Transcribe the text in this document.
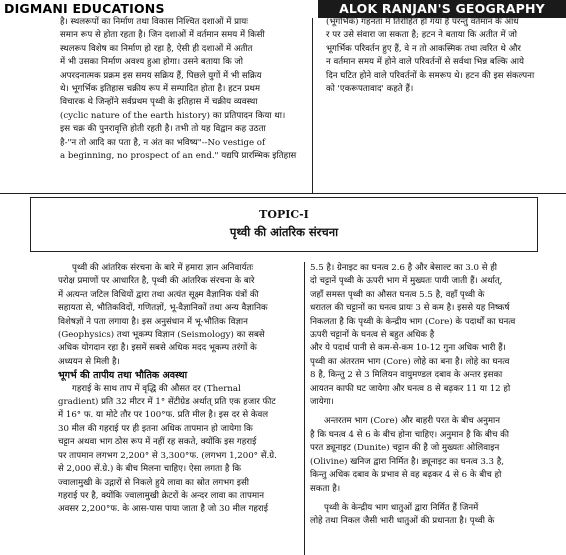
DIGMANI EDUCATIONS	ALOK RANJAN'S GEOGRAPHY
है। स्थलरूपों का निर्माण तथा विकास निश्चित दशाओं में प्रायः
समान रूप से होता रहता है। जिन दशाओं में वर्तमान समय में किसी
स्थलरूप विशेष का निर्माण हो रहा है, ऐसी ही दशाओं में अतीत
में भी उसका निर्माण अवश्य हुआ होगा। उसने बताया कि जो
अपरदनात्मक प्रक्रम इस समय सक्रिय हैं, पिछले युगों में भी सक्रिय
थे। भूगर्भिक इतिहास चक्रीय रूप में सम्पादित होता है। हटन प्रथम
विचारक थे जिन्होंने सर्वप्रथम पृथ्वी के इतिहास में चक्रीय व्यवस्था
(cyclic nature of the earth history) का प्रतिपादन किया था।
इस चक्र की पुनरावृत्ति होती रहती है। तभी तो यह विद्वान कह उठता
है-"न तो आदि का पता है, न अंत का भविष्य"--No vestige of
a beginning, no prospect of an end." यद्यपि प्रारम्भिक इतिहास
(भूगर्भिक) गहनता में तिरोहित हो गया है परन्तु वर्तमान के आध
र पर उसे संवारा जा सकता है; हटन ने बताया कि अतीत में जो
भूगर्भिक परिवर्तन हुए हैं, वे न तो आकस्मिक तथा त्वरित थे और
न वर्तमान समय में होने वाले परिवर्तनों से सर्वथा भिन्न बल्कि आये
दिन घटित होने वाले परिवर्तनों के समरूप थे। हटन की इस संकल्पना
को 'एकरूपतावाद' कहते हैं।
TOPIC-I
पृथ्वी की आंतरिक संरचना
पृथ्वी की आंतरिक संरचना के बारे में हमारा ज्ञान अनिवार्यतः
परोक्ष प्रमाणों पर आधारित है, पृथ्वी की आंतरिक संरचना के बारे
में अत्यन्त जटिल विधियों द्वारा तथा अत्यंत सूक्ष्म वैज्ञानिक यंत्रों की
सहायता से, भौतिकविदों, गणितज्ञों, भू-वैज्ञानिकों तथा अन्य वैज्ञानिक
विशेषज्ञों ने पता लगाया है। इस अनुसंधान में भू-भौतिक विज्ञान
(Geophysics) तथा भूकम्प विज्ञान (Seismology) का सबसे
अधिक योगदान रहा है। इसमें सबसे अधिक मदद भूकम्प तरंगों के
अध्ययन से मिली है।
भूगर्भ की तापीय तथा भौतिक अवस्था
गहराई के साथ ताप में वृद्धि की औसत दर (Thernal
gradient) प्रति 32 मीटर में 1° सेंटीग्रेड अर्थात् प्रति एक हजार फीट
में 16° फ. या मोटे तौर पर 100°फ. प्रति मील है। इस दर से केवल
30 मील की गहराई पर ही इतना अधिक तापमान हो जायेगा कि
चट्टान अथवा भाग ठोस रूप में नहीं रह सकते, क्योंकि इस गहराई
पर तापमान लगभग 2,200° से 3,300°फ. (लगभग 1,200° सें.ग्रे.
से 2,000 सें.ग्रे.) के बीच मिलना चाहिए। ऐसा लगता है कि
ज्वालामुखी के उद्गारों से निकले हुये लावा का स्रोत लगभग इसी
गहराई पर है, क्योंकि ज्वालामुखी क्रेटरों के अन्दर लावा का तापमान
अवसर 2,200°फ. के आस-पास पाया जाता है जो 30 मील गहराई
5.5 है। ग्रेनाइट का घनत्व 2.6 है और बेसाल्ट का 3.0 से ही
दो चट्टानें पृथ्वी के ऊपरी भाग में मुख्यतः पायी जाती हैं। अर्थात्,
जहाँ समस्त पृथ्वी का औसत घनत्व 5.5 है, वहाँ पृथ्वी के
धरातल की चट्टानों का घनत्व प्रायः 3 से कम है। इससे यह निष्कर्ष
निकलता है कि पृथ्वी के केन्द्रीय भाग (Core) के पदार्थों का घनत्व
ऊपरी चट्टानों के घनत्व से बहुत अधिक है
और ये पदार्थ पानी से कम-से-कम 10-12 गुना अधिक भारी हैं।
पृथ्वी का अंतरतम भाग (Core) लोहे का बना है। लोहे का घनत्व
8 है, किन्तु 2 से 3 मिलियन वायुमण्डल दबाव के अन्तर इसका
आयतन काफी घट जायेगा और घनत्व 8 से बढ़कर 11 या 12 हो
जायेगा।
अन्तरतम भाग (Core) और बाहरी परत के बीच अनुमान
है कि घनत्व 4 से 6 के बीच होना चाहिए। अनुमान है कि बीच की
परत ड्यूनाइट (Dunite) चट्टान की है जो मुख्यतः ओलिवाइन
(Olivine) खनिज द्वारा निर्मित है। ड्यूनाइट का घनत्व 3.3 है,
किन्तु अधिक दबाव के प्रभाव से वह बढ़कर 4 से 6 के बीच हो
सकता है।
पृथ्वी के केन्द्रीय भाग धातुओं द्वारा निर्मित हैं जिनमें
लोहे तथा निकल जैसी भारी धातुओं की प्रधानता है। पृथ्वी के
